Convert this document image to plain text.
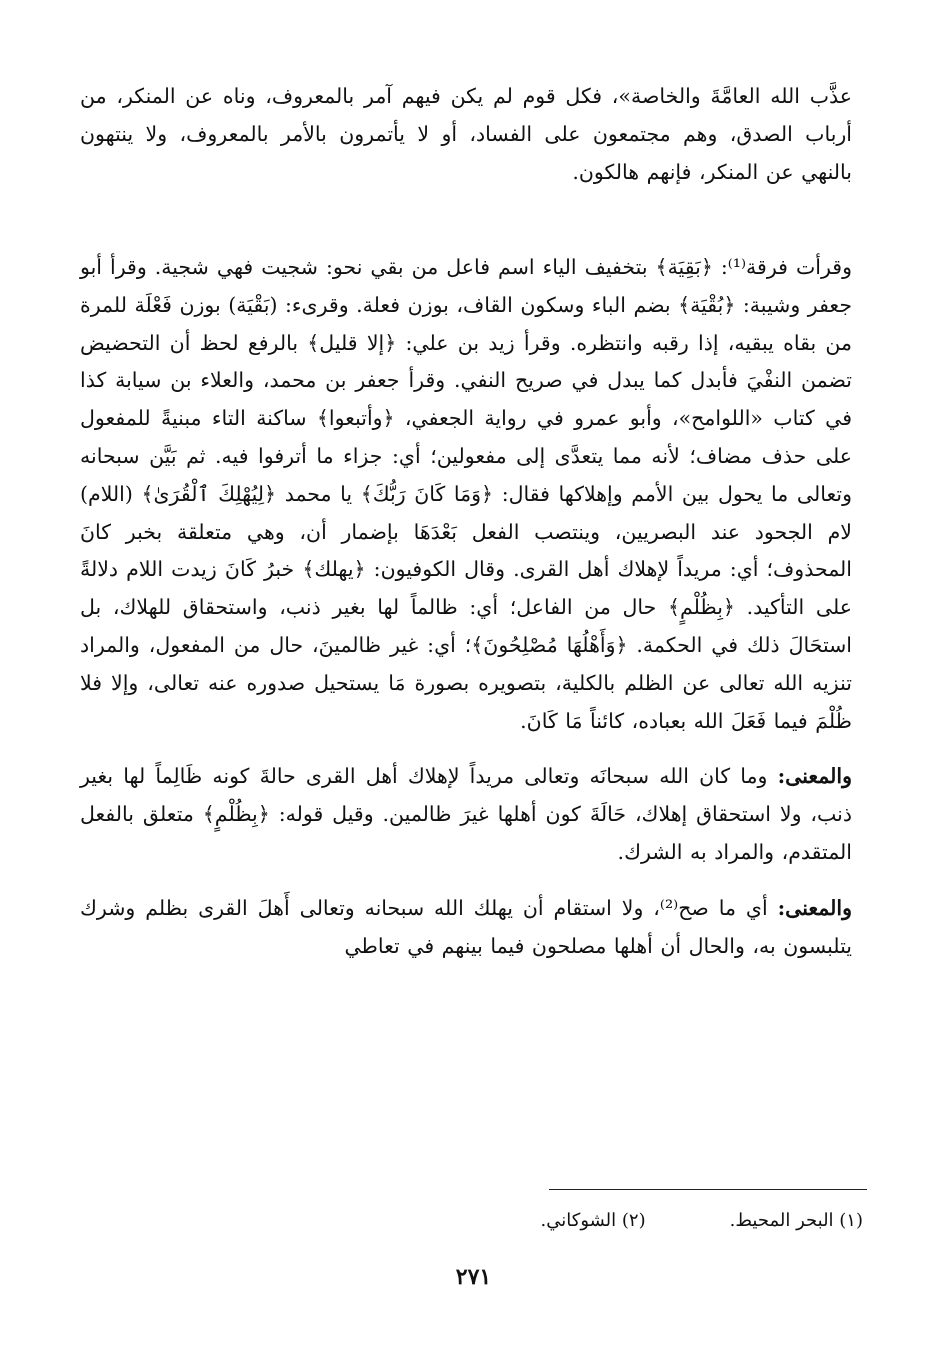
عذَّب الله العامَّةَ والخاصة»، فكل قوم لم يكن فيهم آمر بالمعروف، وناه عن المنكر، من أرباب الصدق، وهم مجتمعون على الفساد، أو لا يأتمرون بالأمر بالمعروف، ولا ينتهون بالنهي عن المنكر، فإنهم هالكون.

وقرأت فرقة⁽¹⁾: ﴿بَقِيَة﴾ بتخفيف الياء اسم فاعل من بقي نحو: شجيت فهي شجية. وقرأ أبو جعفر وشيبة: ﴿بُقْيَة﴾ بضم الباء وسكون القاف، بوزن فعلة. وقرىء: (بَقْيَة) بوزن فَعْلَة للمرة من بقاه يبقيه، إذا رقبه وانتظره. وقرأ زيد بن علي: ﴿إلا قليل﴾ بالرفع لحظ أن التحضيض تضمن النفْيَ فأبدل كما يبدل في صريح النفي. وقرأ جعفر بن محمد، والعلاء بن سيابة كذا في كتاب «اللوامح»، وأبو عمرو في رواية الجعفي، ﴿وأتبعوا﴾ ساكنة التاء مبنيةً للمفعول على حذف مضاف؛ لأنه مما يتعدَّى إلى مفعولين؛ أي: جزاء ما أترفوا فيه. ثم بَيَّن سبحانه وتعالى ما يحول بين الأمم وإهلاكها فقال: ﴿وَمَا كَانَ رَبُّكَ﴾ يا محمد ﴿لِيُهْلِكَ ٱلْقُرَىٰ﴾ (اللام) لام الجحود عند البصريين، وينتصب الفعل بَعْدَهَا بإضمار أن، وهي متعلقة بخبر كانَ المحذوف؛ أي: مريداً لإهلاك أهل القرى. وقال الكوفيون: ﴿يهلك﴾ خبرُ كَانَ زيدت اللام دلالةً على التأكيد. ﴿بِظُلْمٍ﴾ حال من الفاعل؛ أي: ظالماً لها بغير ذنب، واستحقاق للهلاك، بل استحَالَ ذلك في الحكمة. ﴿وَأَهْلُهَا مُصْلِحُونَ﴾؛ أي: غير ظالمينَ، حال من المفعول، والمراد تنزيه الله تعالى عن الظلم بالكلية، بتصويره بصورة مَا يستحيل صدوره عنه تعالى، وإلا فلا ظُلْمَ فيما فَعَلَ الله بعباده، كائناً مَا كَانَ.

والمعنى: وما كان الله سبحانَه وتعالى مريداً لإهلاك أهل القرى حالةَ كونه ظَالِماً لها بغير ذنب، ولا استحقاق إهلاك، حَالَةَ كون أهلها غيرَ ظالمين. وقيل قوله: ﴿بِظُلْمٍ﴾ متعلق بالفعل المتقدم، والمراد به الشرك.

والمعنى: أي ما صح⁽²⁾، ولا استقام أن يهلك الله سبحانه وتعالى أَهلَ القرى بظلم وشرك يتلبسون به، والحال أن أهلها مصلحون فيما بينهم في تعاطي

(١) البحر المحيط.
(٢) الشوكاني.
٢٧١
